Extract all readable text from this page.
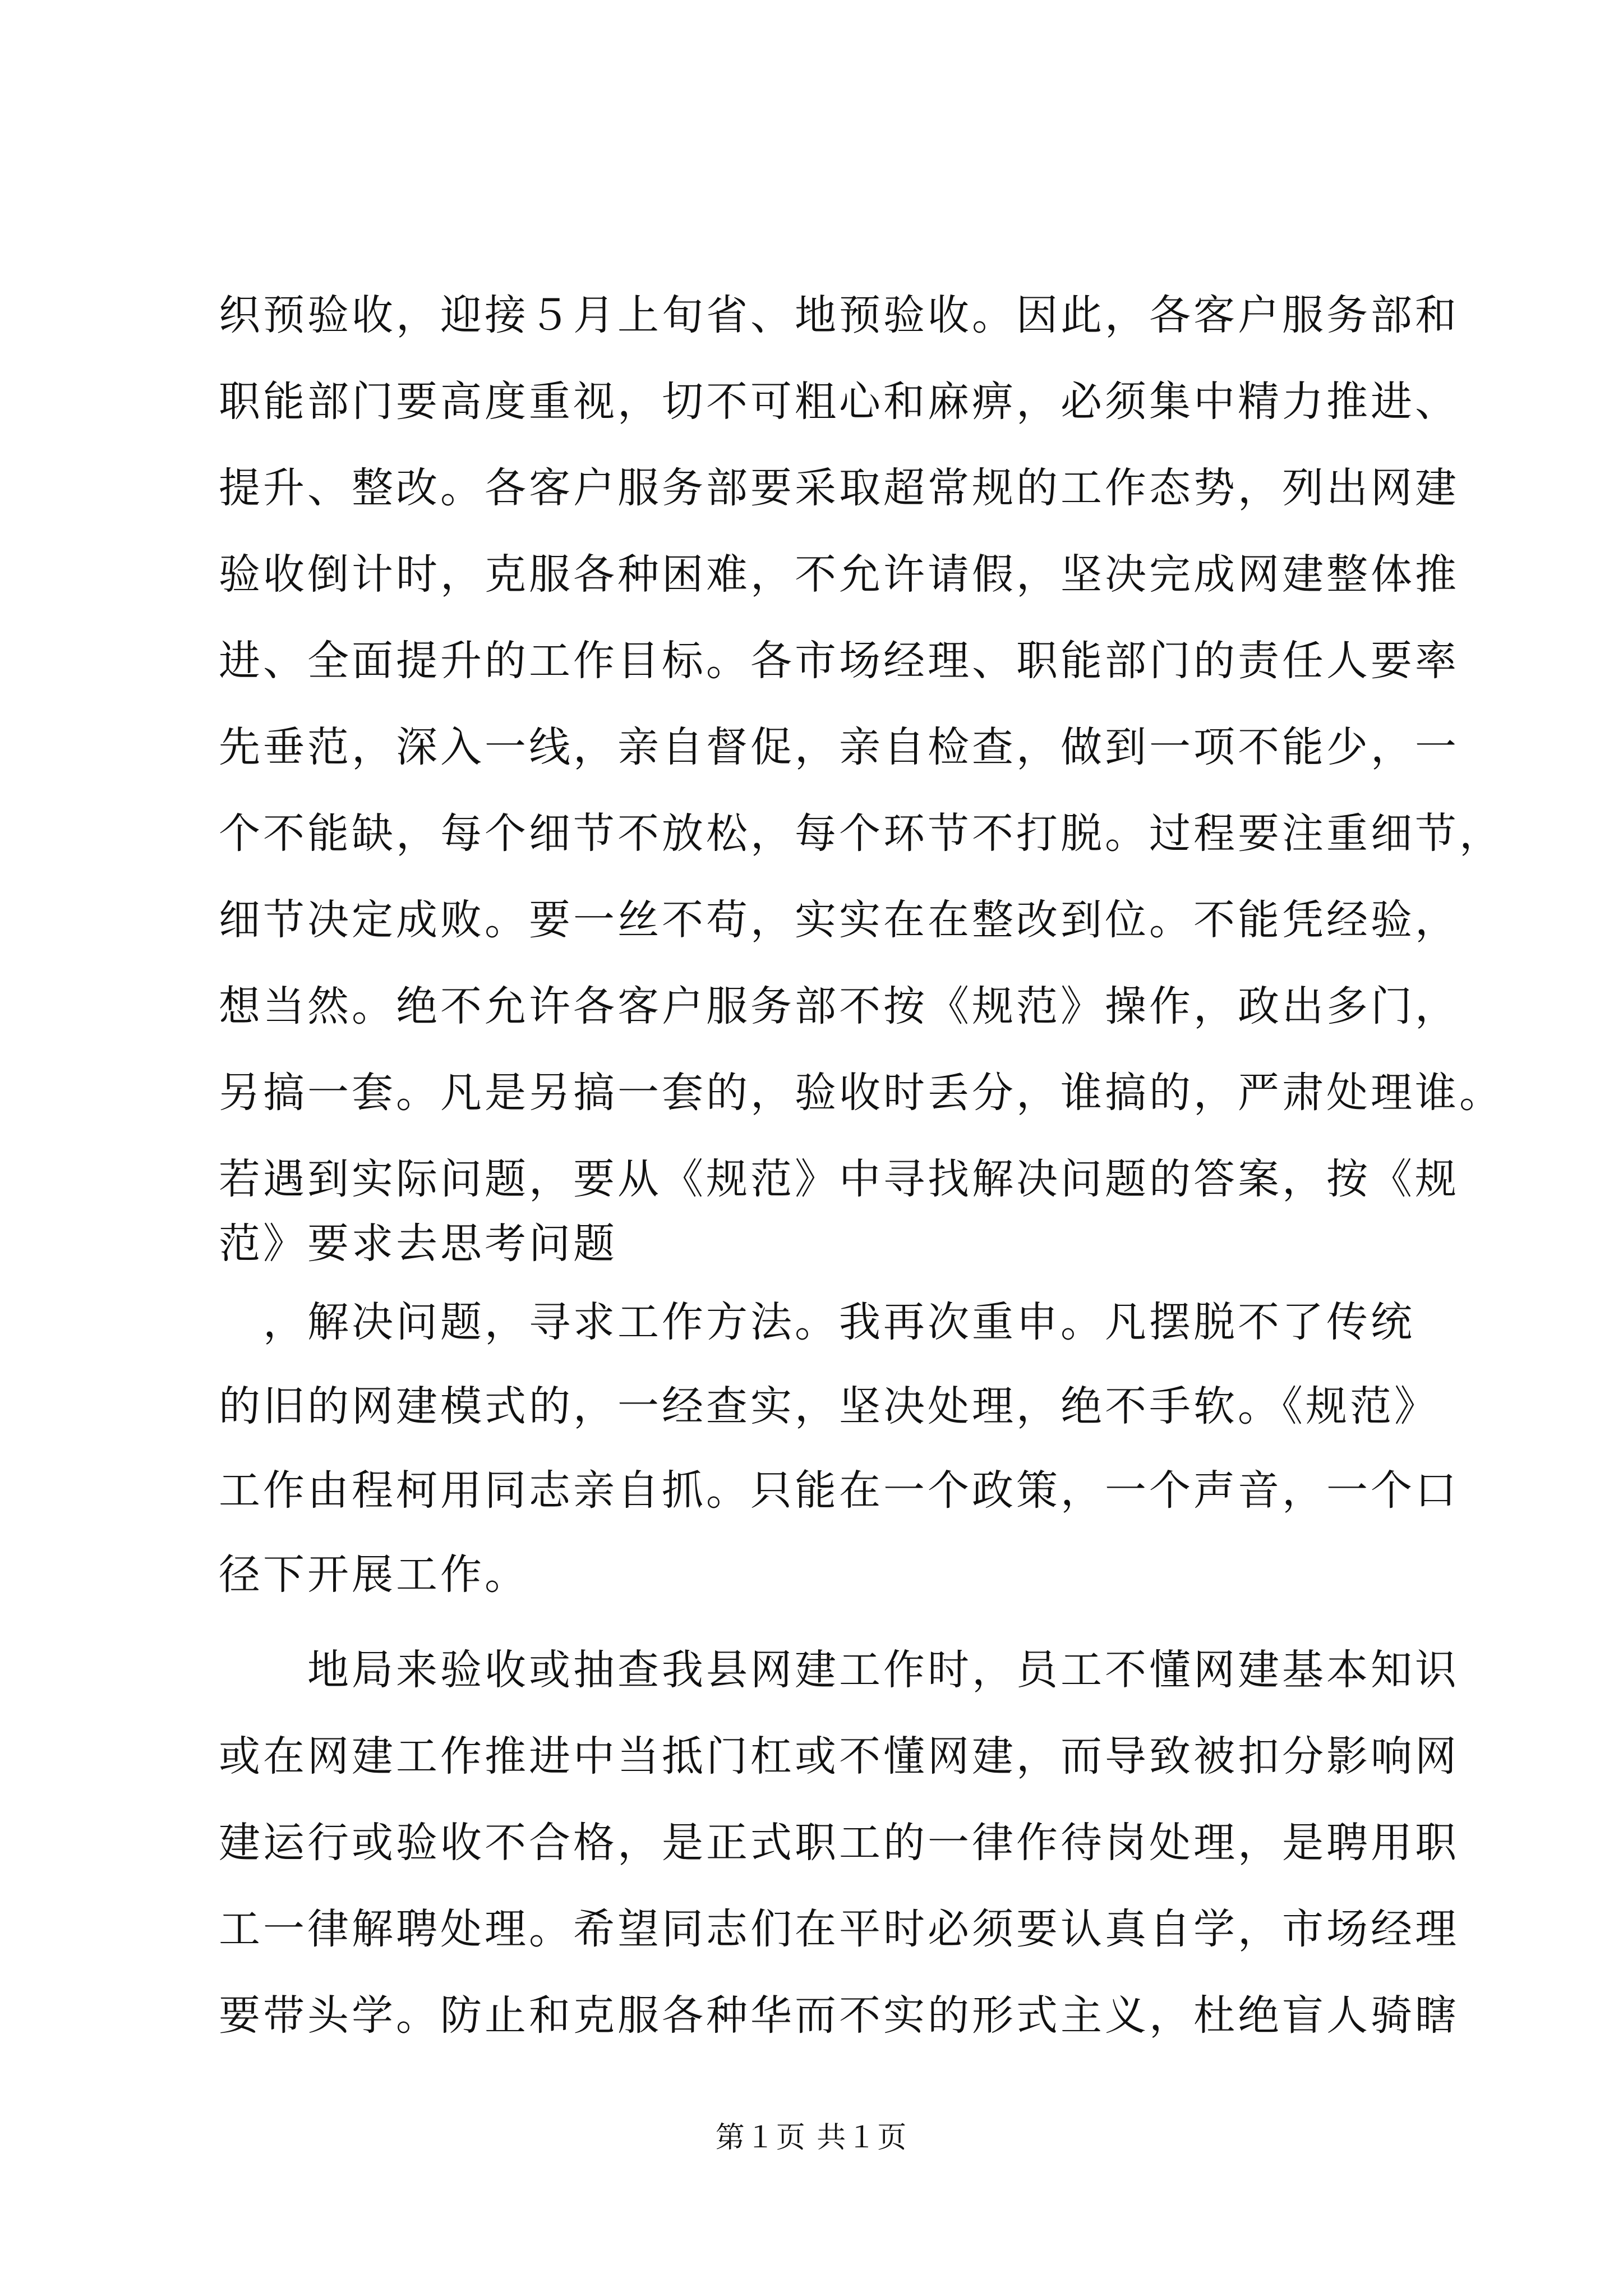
织预验收，迎接５月上旬省、地预验收。因此，各客户服务部和
职能部门要高度重视，切不可粗心和麻痹，必须集中精力推进、
提升、整改。各客户服务部要采取超常规的工作态势，列出网建
验收倒计时，克服各种困难，不允许请假，坚决完成网建整体推
进、全面提升的工作目标。各市场经理、职能部门的责任人要率
先垂范，深入一线，亲自督促，亲自检查，做到一项不能少，一
个不能缺，每个细节不放松，每个环节不打脱。过程要注重细节，
细节决定成败。要一丝不苟，实实在在整改到位。不能凭经验，
想当然。绝不允许各客户服务部不按《规范》操作，政出多门，
另搞一套。凡是另搞一套的，验收时丢分，谁搞的，严肃处理谁。
若遇到实际问题，要从《规范》中寻找解决问题的答案，按《规
范》要求去思考问题
　，解决问题，寻求工作方法。我再次重申。凡摆脱不了传统
的旧的网建模式的，一经查实，坚决处理，绝不手软。《规范》
工作由程柯用同志亲自抓。只能在一个政策，一个声音，一个口
径下开展工作。
　　地局来验收或抽查我县网建工作时，员工不懂网建基本知识
或在网建工作推进中当抵门杠或不懂网建，而导致被扣分影响网
建运行或验收不合格，是正式职工的一律作待岗处理，是聘用职
工一律解聘处理。希望同志们在平时必须要认真自学，市场经理
要带头学。防止和克服各种华而不实的形式主义，杜绝盲人骑瞎
第１页 共１页
